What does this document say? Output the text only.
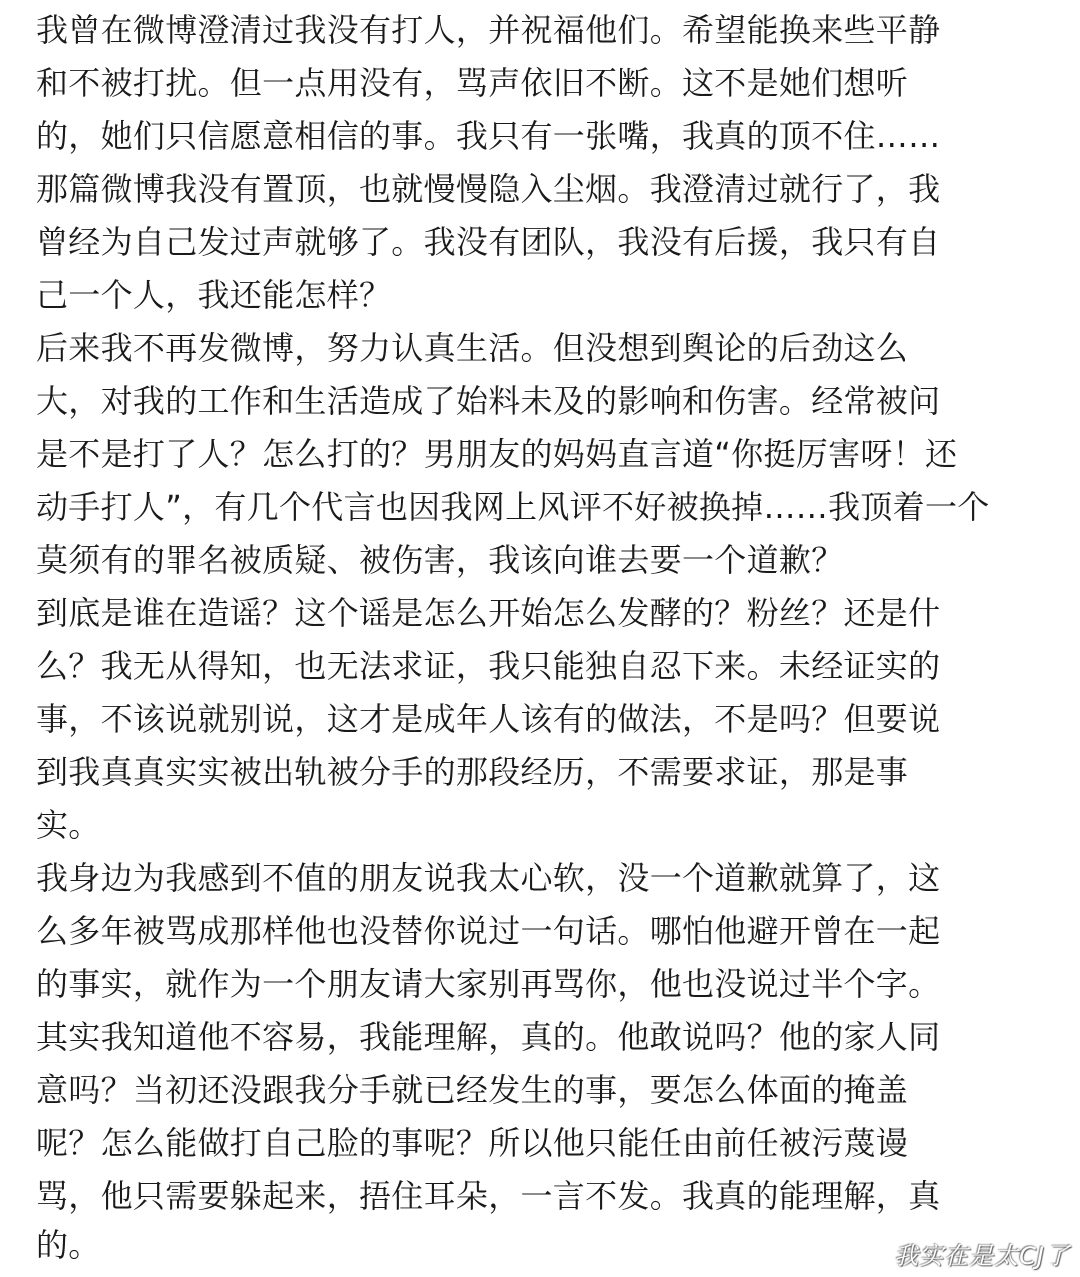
我曾在微博澄清过我没有打人，并祝福他们。希望能换来些平静
和不被打扰。但一点用没有，骂声依旧不断。这不是她们想听
的，她们只信愿意相信的事。我只有一张嘴，我真的顶不住……
那篇微博我没有置顶，也就慢慢隐入尘烟。我澄清过就行了，我
曾经为自己发过声就够了。我没有团队，我没有后援，我只有自
己一个人，我还能怎样？
后来我不再发微博，努力认真生活。但没想到舆论的后劲这么
大，对我的工作和生活造成了始料未及的影响和伤害。经常被问
是不是打了人？怎么打的？男朋友的妈妈直言道“你挺厉害呀！还
动手打人”，有几个代言也因我网上风评不好被换掉……我顶着一个
莫须有的罪名被质疑、被伤害，我该向谁去要一个道歉？
到底是谁在造谣？这个谣是怎么开始怎么发酵的？粉丝？还是什
么？我无从得知，也无法求证，我只能独自忍下来。未经证实的
事，不该说就别说，这才是成年人该有的做法，不是吗？但要说
到我真真实实被出轨被分手的那段经历，不需要求证，那是事
实。
我身边为我感到不值的朋友说我太心软，没一个道歉就算了，这
么多年被骂成那样他也没替你说过一句话。哪怕他避开曾在一起
的事实，就作为一个朋友请大家别再骂你，他也没说过半个字。
其实我知道他不容易，我能理解，真的。他敢说吗？他的家人同
意吗？当初还没跟我分手就已经发生的事，要怎么体面的掩盖
呢？怎么能做打自己脸的事呢？所以他只能任由前任被污蔑谩
骂，他只需要躲起来，捂住耳朵，一言不发。我真的能理解，真
的。	我实在是太CJ了
